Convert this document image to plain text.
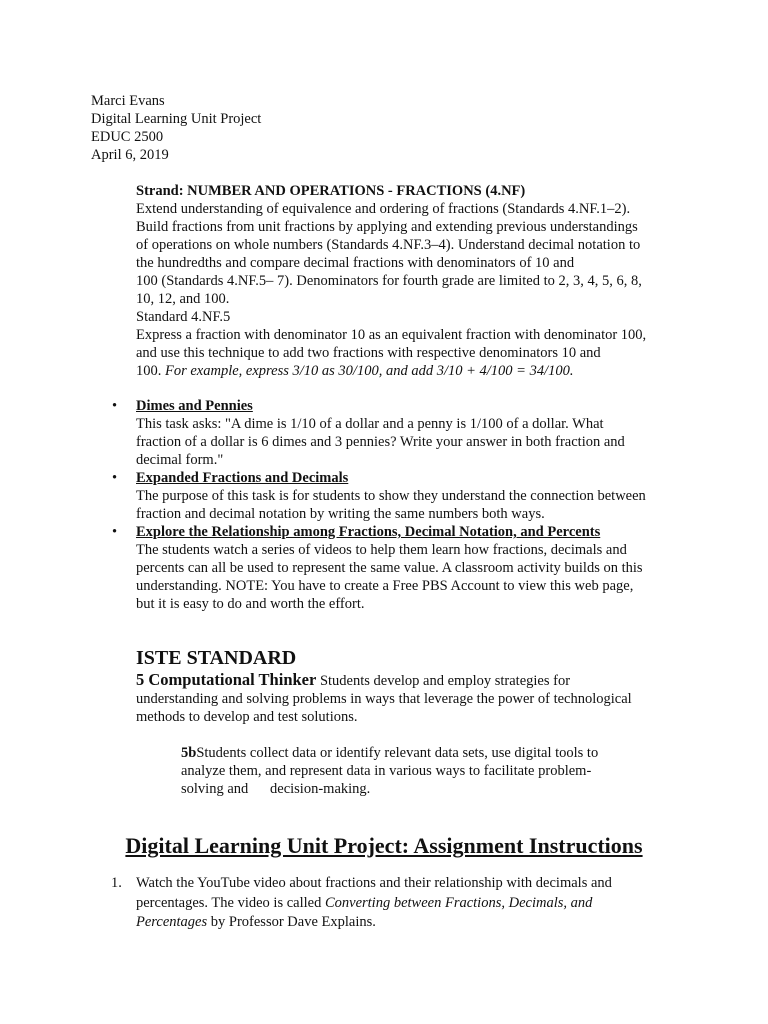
Marci Evans
Digital Learning Unit Project
EDUC 2500
April 6, 2019
Strand: NUMBER AND OPERATIONS - FRACTIONS (4.NF)
Extend understanding of equivalence and ordering of fractions (Standards 4.NF.1–2).
Build fractions from unit fractions by applying and extending previous understandings
of operations on whole numbers (Standards 4.NF.3–4). Understand decimal notation to
the hundredths and compare decimal fractions with denominators of 10 and
100 (Standards 4.NF.5– 7). Denominators for fourth grade are limited to 2, 3, 4, 5, 6, 8,
10, 12, and 100.
Standard 4.NF.5
Express a fraction with denominator 10 as an equivalent fraction with denominator 100,
and use this technique to add two fractions with respective denominators 10 and
100. For example, express 3/10 as 30/100, and add 3/10 + 4/100 = 34/100.
•	Dimes and Pennies
This task asks: "A dime is 1/10 of a dollar and a penny is 1/100 of a dollar. What
fraction of a dollar is 6 dimes and 3 pennies? Write your answer in both fraction and
decimal form."
•	Expanded Fractions and Decimals
The purpose of this task is for students to show they understand the connection between
fraction and decimal notation by writing the same numbers both ways.
•	Explore the Relationship among Fractions, Decimal Notation, and Percents
The students watch a series of videos to help them learn how fractions, decimals and
percents can all be used to represent the same value. A classroom activity builds on this
understanding. NOTE: You have to create a Free PBS Account to view this web page,
but it is easy to do and worth the effort.
ISTE STANDARD
5 Computational Thinker Students develop and employ strategies for
understanding and solving problems in ways that leverage the power of technological
methods to develop and test solutions.
5bStudents collect data or identify relevant data sets, use digital tools to
analyze them, and represent data in various ways to facilitate problem-
solving and      decision-making.
Digital Learning Unit Project: Assignment Instructions
1. Watch the YouTube video about fractions and their relationship with decimals and
percentages. The video is called Converting between Fractions, Decimals, and
Percentages by Professor Dave Explains.
